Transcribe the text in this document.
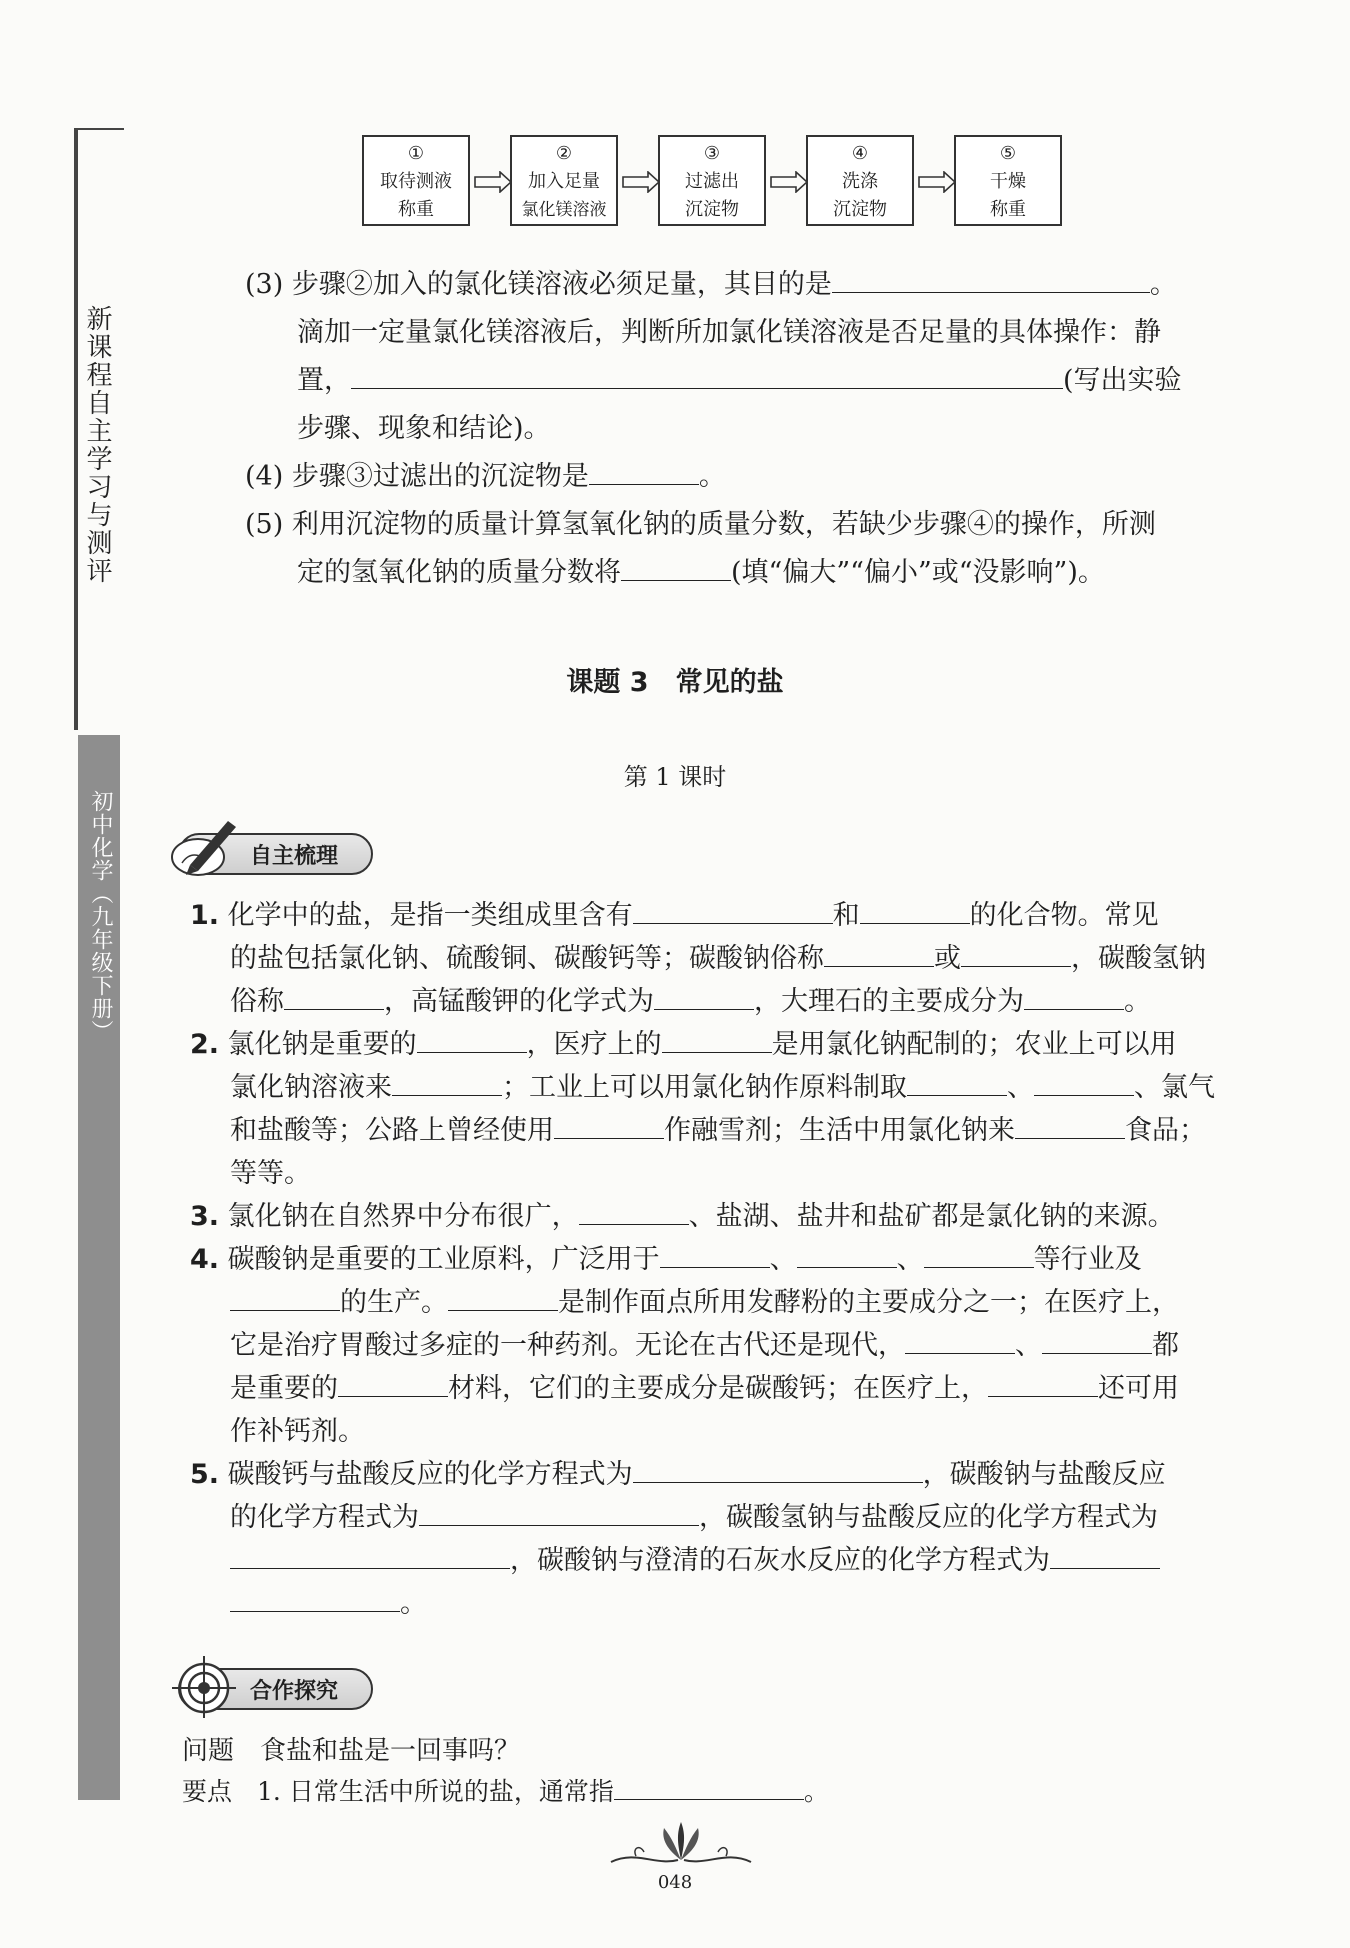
新课程自主学习与测评
初中化学（九年级下册）
①
取待测液
称重
②
加入足量
氯化镁溶液
③
过滤出
沉淀物
④
洗涤
沉淀物
⑤
干燥
称重
(3) 步骤②加入的氯化镁溶液必须足量，其目的是	。
滴加一定量氯化镁溶液后，判断所加氯化镁溶液是否足量的具体操作：静
置，	(写出实验
步骤、现象和结论)。
(4) 步骤③过滤出的沉淀物是	。
(5) 利用沉淀物的质量计算氢氧化钠的质量分数，若缺少步骤④的操作，所测
定的氢氧化钠的质量分数将	(填“偏大”“偏小”或“没影响”)。
课题 3　常见的盐
第 1 课时
自主梳理
1. 化学中的盐，是指一类组成里含有	和	的化合物。常见
的盐包括氯化钠、硫酸铜、碳酸钙等；碳酸钠俗称	或	，碳酸氢钠
俗称	，高锰酸钾的化学式为	，大理石的主要成分为	。
2. 氯化钠是重要的	，医疗上的	是用氯化钠配制的；农业上可以用
氯化钠溶液来	；工业上可以用氯化钠作原料制取	、	、氯气
和盐酸等；公路上曾经使用	作融雪剂；生活中用氯化钠来	食品；
等等。
3. 氯化钠在自然界中分布很广，	、盐湖、盐井和盐矿都是氯化钠的来源。
4. 碳酸钠是重要的工业原料，广泛用于	、	、	等行业及
的生产。	是制作面点所用发酵粉的主要成分之一；在医疗上，
它是治疗胃酸过多症的一种药剂。无论在古代还是现代，	、	都
是重要的	材料，它们的主要成分是碳酸钙；在医疗上，	还可用
作补钙剂。
5. 碳酸钙与盐酸反应的化学方程式为	，碳酸钠与盐酸反应
的化学方程式为	，碳酸氢钠与盐酸反应的化学方程式为
，碳酸钠与澄清的石灰水反应的化学方程式为
。
合作探究
问题　 食盐和盐是一回事吗？
要点　 1. 日常生活中所说的盐，通常指	。
048
